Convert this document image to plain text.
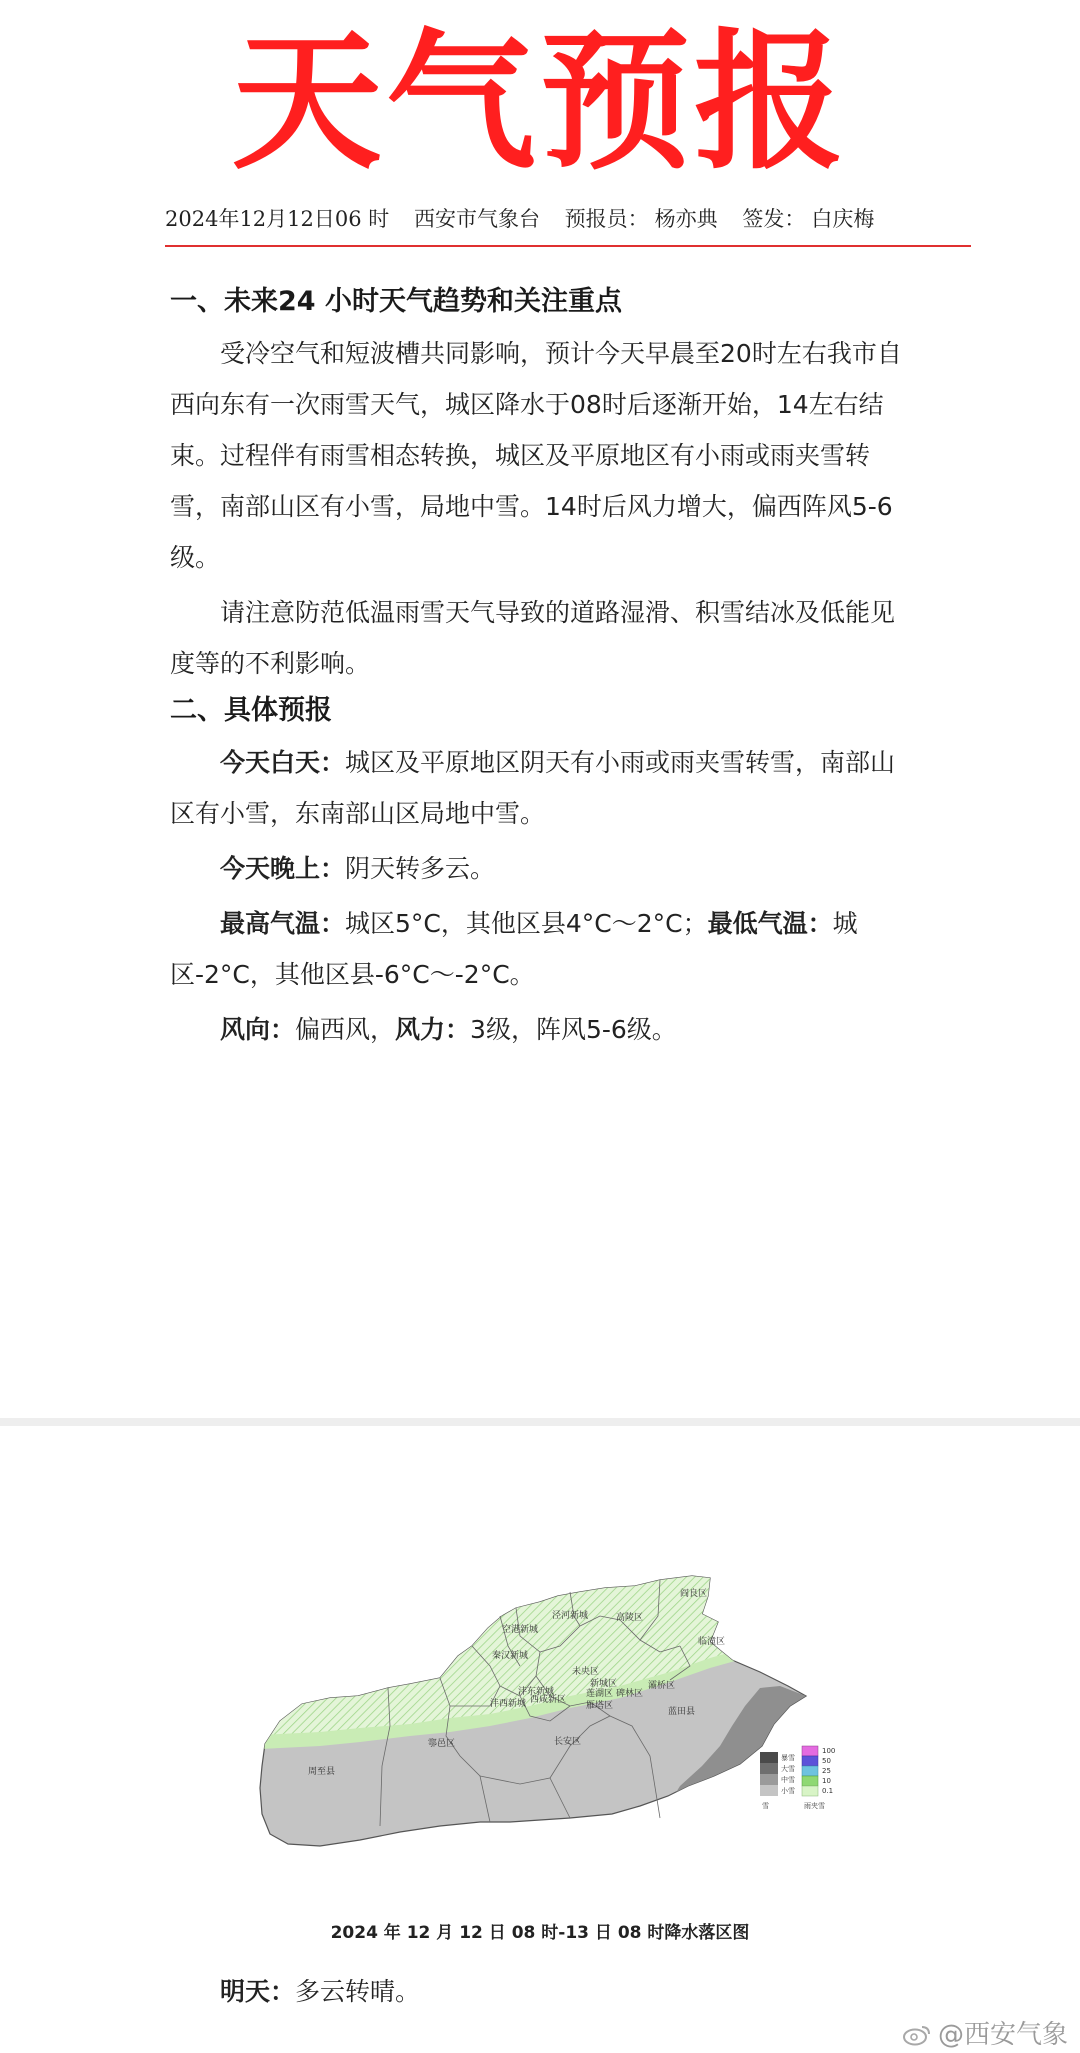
天气预报
2024年12月12日06 时 西安市气象台 预报员： 杨亦典 签发： 白庆梅
一、未来24 小时天气趋势和关注重点

受冷空气和短波槽共同影响，预计今天早晨至20时左右我市自西向东有一次雨雪天气，城区降水于08时后逐渐开始，14左右结束。过程伴有雨雪相态转换，城区及平原地区有小雨或雨夹雪转雪，南部山区有小雪，局地中雪。14时后风力增大，偏西阵风5-6级。

请注意防范低温雨雪天气导致的道路湿滑、积雪结冰及低能见度等的不利影响。

二、具体预报

今天白天：城区及平原地区阴天有小雨或雨夹雪转雪，南部山区有小雪，东南部山区局地中雪。

今天晚上：阴天转多云。

最高气温：城区5°C，其他区县4°C～2°C；最低气温：城区-2°C，其他区县-6°C～-2°C。

风向：偏西风，风力：3级，阵风5-6级。

阎良区
高陵区
临潼区
泾河新城
空港新城
秦汉新城
未央区
灞桥区
沣西新城
沣东新城
西咸新区
莲湖区
新城区
雁塔区
碑林区
鄠邑区	长安区
周至县
蓝田县
暴雪
大雪
中雪
小雪
雪
100
50
25
10
0.1
雨夹雪
2024 年 12 月 12 日 08 时-13 日 08 时降水落区图
明天：多云转晴。
@西安气象
